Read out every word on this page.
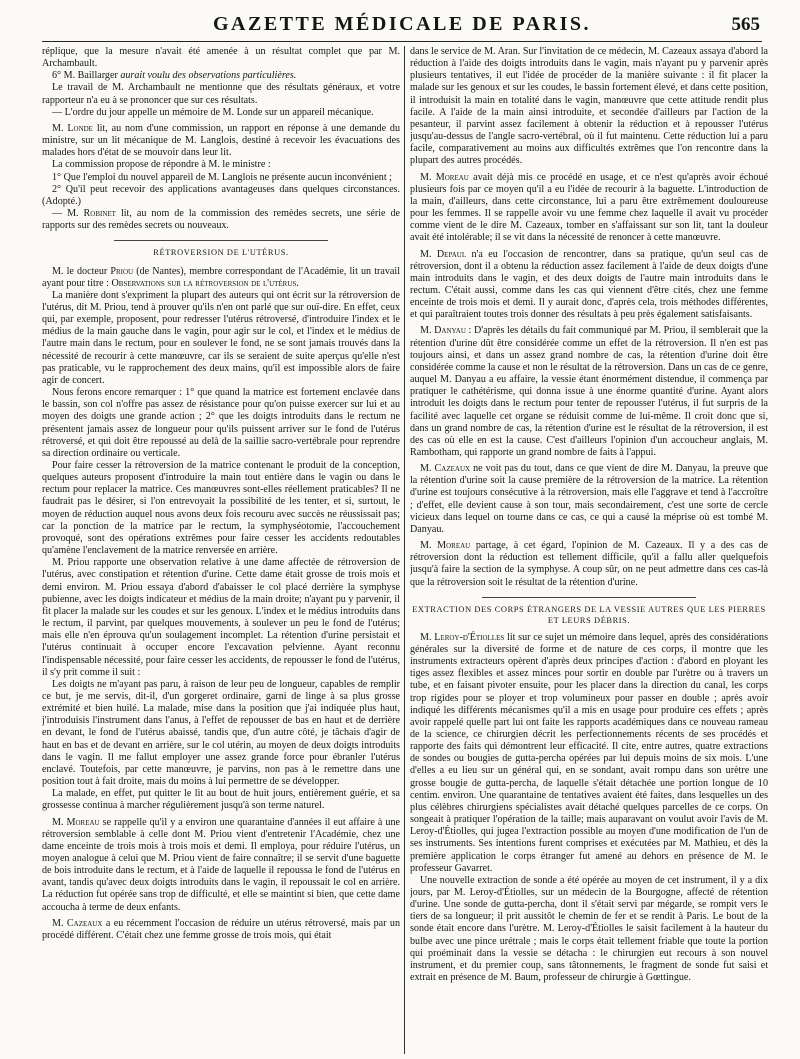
GAZETTE MÉDICALE DE PARIS.	565

réplique, que la mesure n'avait été amenée à un résultat complet que par M. Archambault.

6° M. Baillarger aurait voulu des observations particulières.

Le travail de M. Archambault ne mentionne que des résultats généraux, et votre rapporteur n'a eu à se prononcer que sur ces résultats.

— L'ordre du jour appelle un mémoire de M. Londe sur un appareil mécanique.

M. Londe lit, au nom d'une commission, un rapport en réponse à une demande du ministre, sur un lit mécanique de M. Langlois, destiné à recevoir les évacuations des malades hors d'état de se mouvoir dans leur lit.

La commission propose de répondre à M. le ministre :

1° Que l'emploi du nouvel appareil de M. Langlois ne présente aucun inconvénient ;

2° Qu'il peut recevoir des applications avantageuses dans quelques circonstances. (Adopté.)

— M. Robinet lit, au nom de la commission des remèdes secrets, une série de rapports sur des remèdes secrets ou nouveaux.

RÉTROVERSION DE L'UTÉRUS.

M. le docteur Priou (de Nantes), membre correspondant de l'Académie, lit un travail ayant pour titre : Observations sur la rétroversion de l'utérus.

La manière dont s'expriment la plupart des auteurs qui ont écrit sur la rétroversion de l'utérus, dit M. Priou, tend à prouver qu'ils n'en ont parlé que sur ouï-dire. En effet, ceux qui, par exemple, proposent, pour redresser l'utérus rétroversé, d'introduire l'index et le médius de la main gauche dans le vagin, pour agir sur le col, et l'index et le médius de l'autre main dans le rectum, pour en soulever le fond, ne se sont jamais trouvés dans la nécessité de recourir à cette manœuvre, car ils se seraient de suite aperçus qu'elle n'est pas praticable, vu le rapprochement des deux mains, qu'il est impossible alors de faire agir de concert.

Nous ferons encore remarquer : 1° que quand la matrice est fortement enclavée dans le bassin, son col n'offre pas assez de résistance pour qu'on puisse exercer sur lui et au moyen des doigts une grande action ; 2° que les doigts introduits dans le rectum ne présentent jamais assez de longueur pour qu'ils puissent arriver sur le fond de l'utérus rétroversé, et qui doit être repoussé au delà de la saillie sacro-vertébrale pour reprendre sa direction ordinaire ou verticale.

Pour faire cesser la rétroversion de la matrice contenant le produit de la conception, quelques auteurs proposent d'introduire la main tout entière dans le vagin ou dans le rectum pour replacer la matrice. Ces manœuvres sont-elles réellement praticables? Il ne faudrait pas le désirer, si l'on entrevoyait la possibilité de les tenter, et si, surtout, le moyen de réduction auquel nous avons deux fois recouru avec succès ne réussissait pas; car la ponction de la matrice par le rectum, la symphyséotomie, l'accouchement provoqué, sont des opérations extrêmes pour faire cesser les accidents redoutables qu'amène l'enclavement de la matrice renversée en arrière.

M. Priou rapporte une observation relative à une dame affectée de rétroversion de l'utérus, avec constipation et rétention d'urine. Cette dame était grosse de trois mois et demi environ. M. Priou essaya d'abord d'abaisser le col placé derrière la symphyse pubienne, avec les doigts indicateur et médius de la main droite; n'ayant pu y parvenir, il fit placer la malade sur les coudes et sur les genoux. L'index et le médius introduits dans le rectum, il parvint, par quelques mouvements, à soulever un peu le fond de l'utérus; mais elle n'en éprouva qu'un soulagement incomplet. La rétention d'urine persistait et l'utérus continuait à occuper encore l'excavation pelvienne. Ayant reconnu l'indispensable nécessité, pour faire cesser les accidents, de repousser le fond de l'utérus, il s'y prit comme il suit :

Les doigts ne m'ayant pas paru, à raison de leur peu de longueur, capables de remplir ce but, je me servis, dit-il, d'un gorgeret ordinaire, garni de linge à sa plus grosse extrémité et bien huilé. La malade, mise dans la position que j'ai indiquée plus haut, j'introduisis l'instrument dans l'anus, à l'effet de repousser de bas en haut et de derrière en devant, le fond de l'utérus abaissé, tandis que, d'un autre côté, je tâchais d'agir de haut en bas et de devant en arrière, sur le col utérin, au moyen de deux doigts introduits dans le vagin. Il me fallut employer une assez grande force pour ébranler l'utérus enclavé. Toutefois, par cette manœuvre, je parvins, non pas à le remettre dans une position tout à fait droite, mais du moins à lui permettre de se développer.

La malade, en effet, put quitter le lit au bout de huit jours, entièrement guérie, et sa grossesse continua à marcher régulièrement jusqu'à son terme naturel.

M. Moreau se rappelle qu'il y a environ une quarantaine d'années il eut affaire à une rétroversion semblable à celle dont M. Priou vient d'entretenir l'Académie, chez une dame enceinte de trois mois à trois mois et demi. Il employa, pour réduire l'utérus, un moyen analogue à celui que M. Priou vient de faire connaître; il se servit d'une baguette de bois introduite dans le rectum, et à l'aide de laquelle il repoussa le fond de l'utérus en avant, tandis qu'avec deux doigts introduits dans le vagin, il repoussait le col en arrière. La réduction fut opérée sans trop de difficulté, et elle se maintint si bien, que cette dame accoucha à terme de deux enfants.

M. Cazeaux a eu récemment l'occasion de réduire un utérus rétroversé, mais par un procédé différent. C'était chez une femme grosse de trois mois, qui était

dans le service de M. Aran. Sur l'invitation de ce médecin, M. Cazeaux assaya d'abord la réduction à l'aide des doigts introduits dans le vagin, mais n'ayant pu y parvenir après plusieurs tentatives, il eut l'idée de procéder de la manière suivante : il fit placer la malade sur les genoux et sur les coudes, le bassin fortement élevé, et dans cette position, il introduisit la main en totalité dans le vagin, manœuvre que cette attitude rendit plus facile. A l'aide de la main ainsi introduite, et secondée d'ailleurs par l'action de la pesanteur, il parvint assez facilement à obtenir la réduction et à repousser l'utérus jusqu'au-dessus de l'angle sacro-vertébral, où il fut maintenu. Cette réduction lui a paru facile, comparativement au moins aux difficultés extrêmes que l'on rencontre dans la plupart des autres procédés.

M. Moreau avait déjà mis ce procédé en usage, et ce n'est qu'après avoir échoué plusieurs fois par ce moyen qu'il a eu l'idée de recourir à la baguette. L'introduction de la main, d'ailleurs, dans cette circonstance, lui a paru être extrêmement douloureuse pour les femmes. Il se rappelle avoir vu une femme chez laquelle il avait vu procéder comme vient de le dire M. Cazeaux, tomber en s'affaissant sur son lit, tant la douleur avait été intolérable; il se vit dans la nécessité de renoncer à cette manœuvre.

M. Depaul n'a eu l'occasion de rencontrer, dans sa pratique, qu'un seul cas de rétroversion, dont il a obtenu la réduction assez facilement à l'aide de deux doigts d'une main introduits dans le vagin, et des deux doigts de l'autre main introduits dans le rectum. C'était aussi, comme dans les cas qui viennent d'être cités, chez une femme enceinte de trois mois et demi. Il y aurait donc, d'après cela, trois méthodes différentes, et qui paraîtraient toutes trois donner des résultats à peu près également satisfaisants.

M. Danyau : D'après les détails du fait communiqué par M. Priou, il semblerait que la rétention d'urine dût être considérée comme un effet de la rétroversion. Il n'en est pas toujours ainsi, et dans un assez grand nombre de cas, la rétention d'urine doit être considérée comme la cause et non le résultat de la rétroversion. Dans un cas de ce genre, auquel M. Danyau a eu affaire, la vessie étant énormément distendue, il commença par pratiquer le cathétérisme, qui donna issue à une énorme quantité d'urine. Ayant alors introduit les doigts dans le rectum pour tenter de repousser l'utérus, il fut surpris de la facilité avec laquelle cet organe se réduisit comme de lui-même. Il croit donc que si, dans un grand nombre de cas, la rétention d'urine est le résultat de la rétroversion, il est des cas où elle en est la cause. C'est d'ailleurs l'opinion d'un accoucheur anglais, M. Rambotham, qui rapporte un grand nombre de faits à l'appui.

M. Cazeaux ne voit pas du tout, dans ce que vient de dire M. Danyau, la preuve que la rétention d'urine soit la cause première de la rétroversion de la matrice. La rétention d'urine est toujours consécutive à la rétroversion, mais elle l'aggrave et tend à l'accroître ; d'effet, elle devient cause à son tour, mais secondairement, c'est une sorte de cercle vicieux dans lequel on tourne dans ce cas, ce qui a causé la méprise où est tombé M. Danyau.

M. Moreau partage, à cet égard, l'opinion de M. Cazeaux. Il y a des cas de rétroversion dont la réduction est tellement difficile, qu'il a fallu aller quelquefois jusqu'à faire la section de la symphyse. A coup sûr, on ne peut admettre dans ces cas-là que la rétroversion soit le résultat de la rétention d'urine.

EXTRACTION DES CORPS ÉTRANGERS DE LA VESSIE AUTRES QUE LES PIERRES
ET LEURS DÉBRIS.

M. Leroy-d'Étiolles lit sur ce sujet un mémoire dans lequel, après des considérations générales sur la diversité de forme et de nature de ces corps, il montre que les instruments extracteurs opèrent d'après deux principes d'action : d'abord en ployant les tiges assez flexibles et assez minces pour sortir en double par l'urètre ou à travers un tube, et en faisant pivoter ensuite, pour les placer dans la direction du canal, les corps trop rigides pour se ployer et trop volumineux pour passer en double ; après avoir indiqué les différents mécanismes qu'il a mis en usage pour produire ces effets ; après avoir rappelé quelle part lui ont faite les rapports académiques dans ce nouveau rameau de la science, ce chirurgien décrit les perfectionnements récents de ses procédés et rapporte des faits qui démontrent leur efficacité. Il cite, entre autres, quatre extractions de sondes ou bougies de gutta-percha opérées par lui depuis moins de six mois. L'une d'elles a eu lieu sur un général qui, en se sondant, avait rompu dans son urètre une grosse bougie de gutta-percha, de laquelle s'était détachée une portion longue de 10 centim. environ. Une quarantaine de tentatives avaient été faites, dans lesquelles un des plus célèbres chirurgiens spécialistes avait détaché quelques parcelles de ce corps. On songeait à pratiquer l'opération de la taille; mais auparavant on voulut avoir l'avis de M. Leroy-d'Étiolles, qui jugea l'extraction possible au moyen d'une modification de l'un de ses instruments. Ses intentions furent comprises et exécutées par M. Mathieu, et dès la première application le corps étranger fut amené au dehors en présence de M. le professeur Gavarret.

Une nouvelle extraction de sonde a été opérée au moyen de cet instrument, il y a dix jours, par M. Leroy-d'Étiolles, sur un médecin de la Bourgogne, affecté de rétention d'urine. Une sonde de gutta-percha, dont il s'était servi par mégarde, se rompit vers le tiers de sa longueur; il prit aussitôt le chemin de fer et se rendit à Paris. Le bout de la sonde était encore dans l'urètre. M. Leroy-d'Étiolles le saisit facilement à la hauteur du bulbe avec une pince urétrale ; mais le corps était tellement friable que toute la portion qui proéminait dans la vessie se détacha : le chirurgien eut recours à son nouvel instrument, et du premier coup, sans tâtonnements, le fragment de sonde fut saisi et extrait en présence de M. Baum, professeur de chirurgie à Gœttingue.
